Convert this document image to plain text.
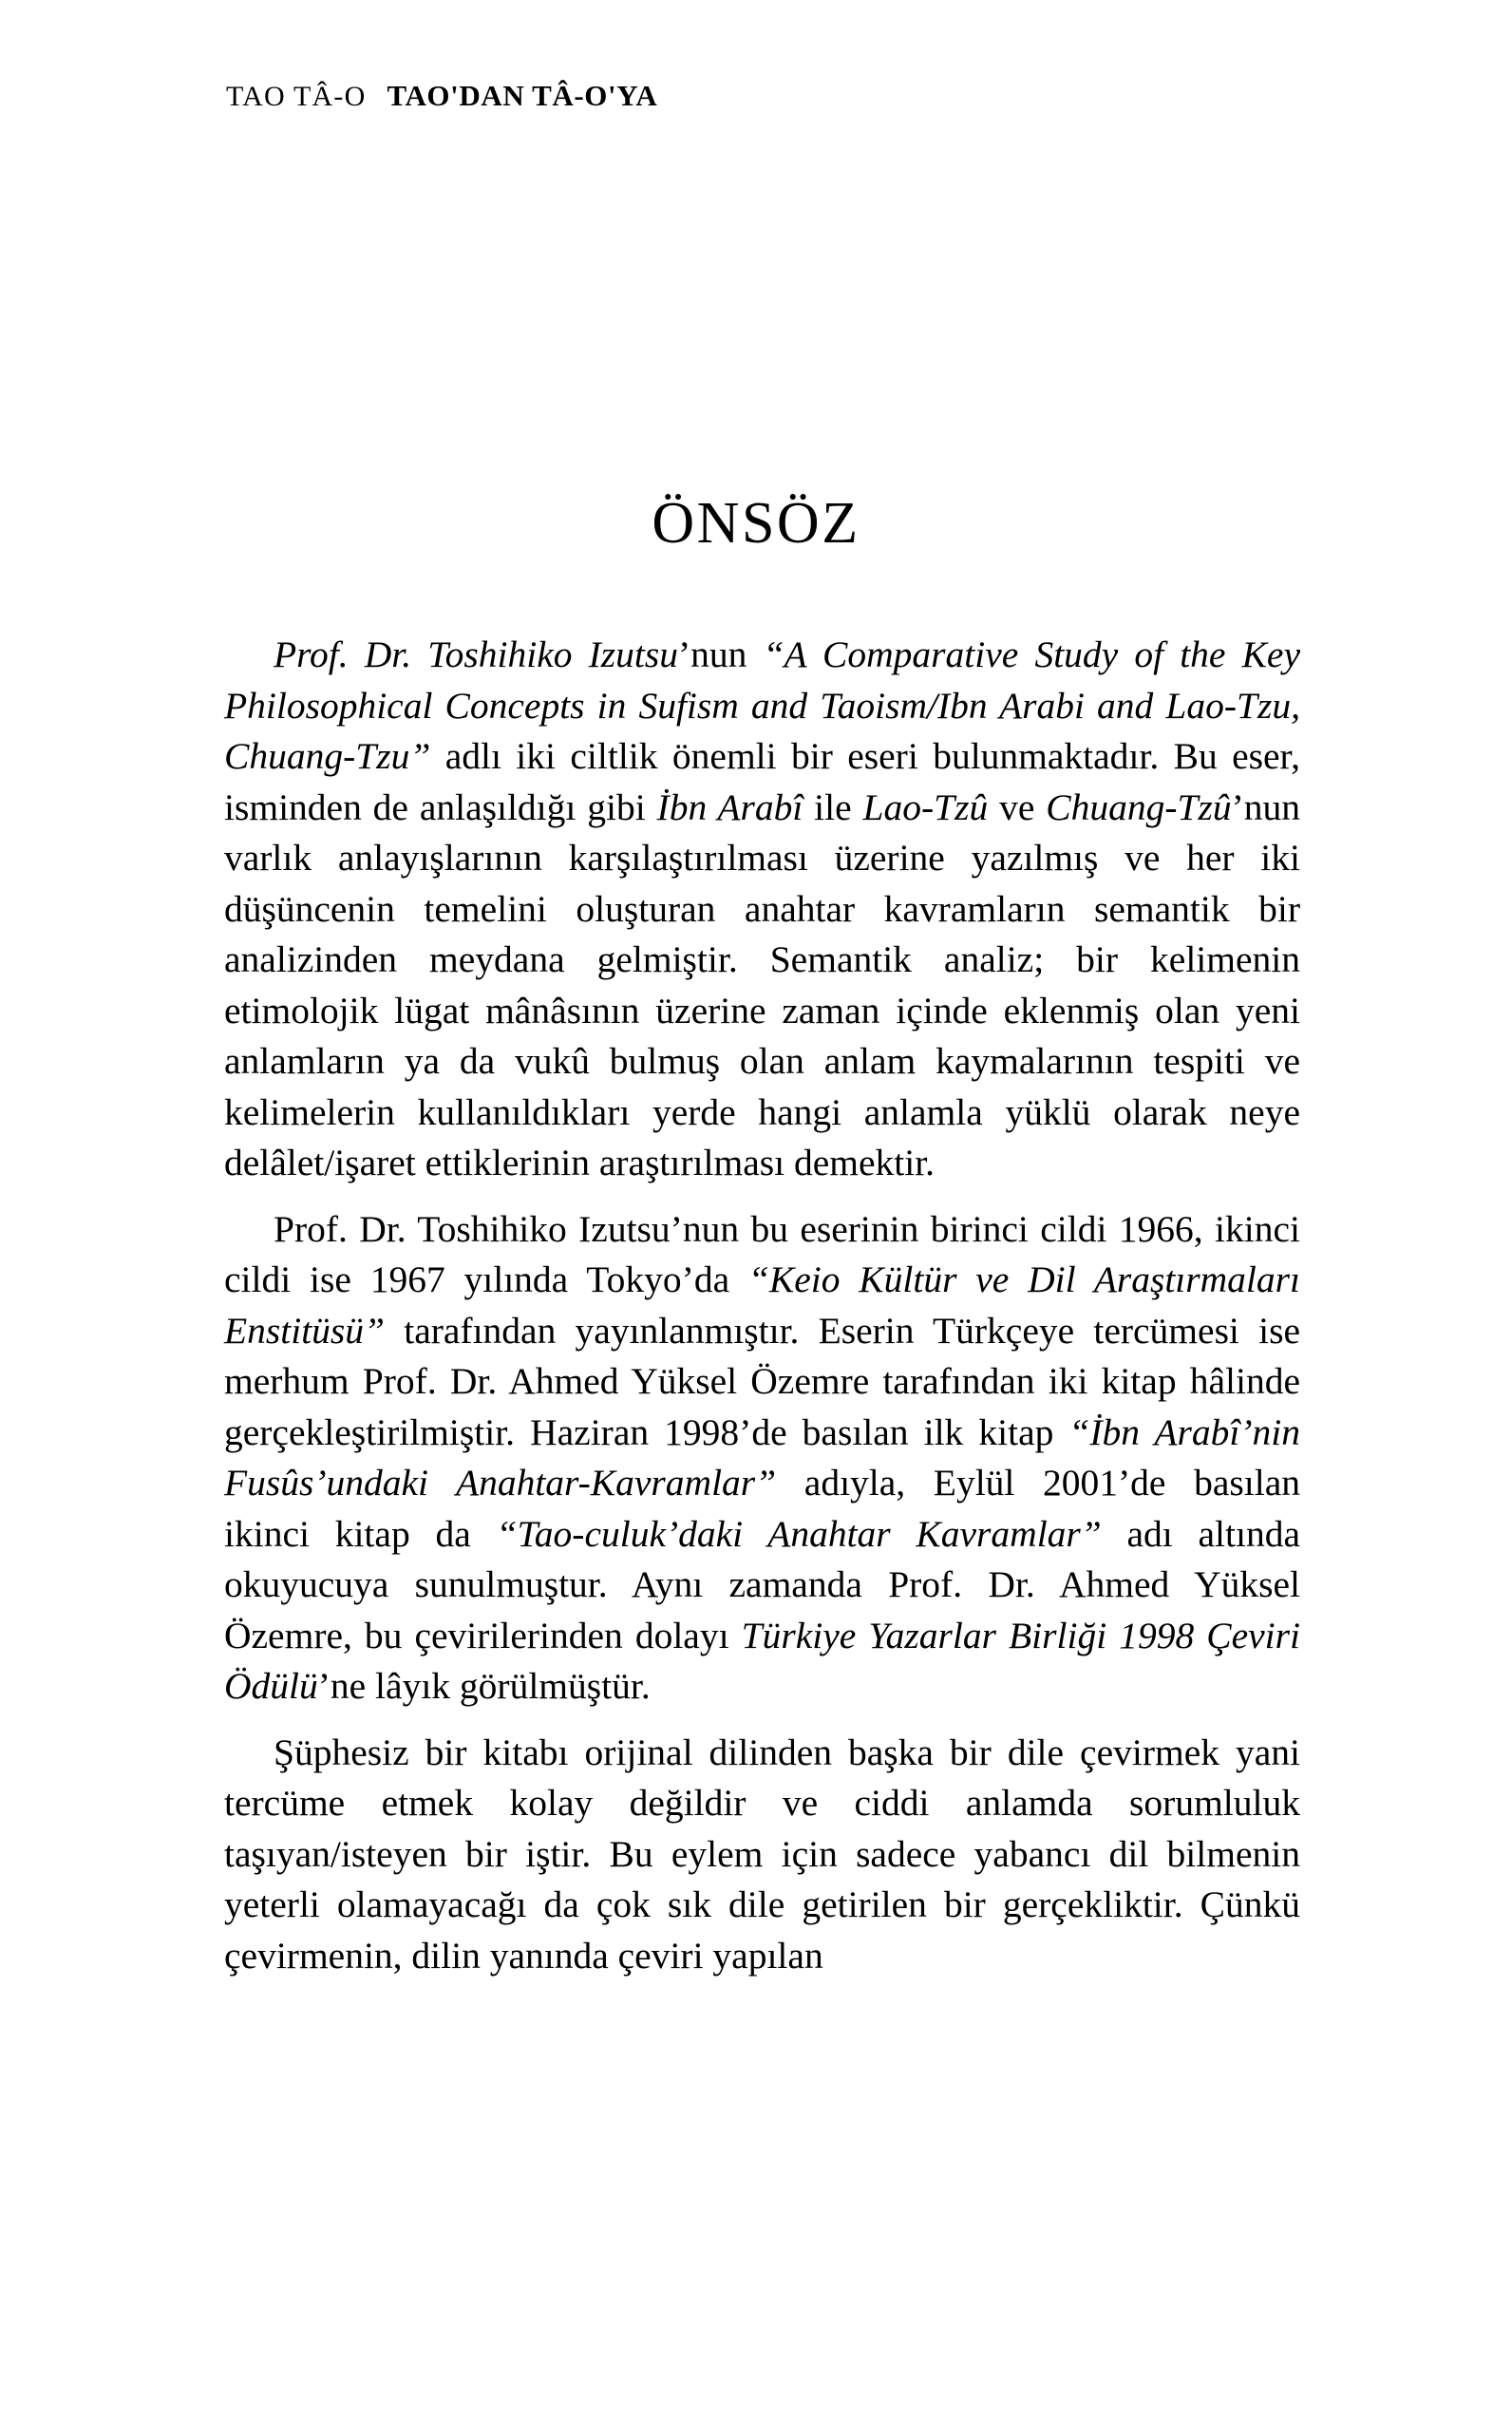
TAO TÂ-O TAO'DAN TÂ-O'YA
ÖNSÖZ

Prof. Dr. Toshihiko Izutsu’nun “A Comparative Study of the Key Philosophical Concepts in Sufism and Taoism/Ibn Arabi and Lao-Tzu, Chuang-Tzu” adlı iki ciltlik önemli bir eseri bulunmaktadır. Bu eser, isminden de anlaşıldığı gibi İbn Arabî ile Lao-Tzû ve Chuang-Tzû’nun varlık anlayışlarının karşılaştırılması üzerine yazılmış ve her iki düşüncenin temelini oluşturan anahtar kavramların semantik bir analizinden meydana gelmiştir. Semantik analiz; bir kelimenin etimolojik lügat mânâsının üzerine zaman içinde eklenmiş olan yeni anlamların ya da vukû bulmuş olan anlam kaymalarının tespiti ve kelimelerin kullanıldıkları yerde hangi anlamla yüklü olarak neye delâlet/işaret ettiklerinin araştırılması demektir.

Prof. Dr. Toshihiko Izutsu’nun bu eserinin birinci cildi 1966, ikinci cildi ise 1967 yılında Tokyo’da “Keio Kültür ve Dil Araştırmaları Enstitüsü” tarafından yayınlanmıştır. Eserin Türkçeye tercümesi ise merhum Prof. Dr. Ahmed Yüksel Özemre tarafından iki kitap hâlinde gerçekleştirilmiştir. Haziran 1998’de basılan ilk kitap “İbn Arabî’nin Fusûs’undaki Anahtar-Kavramlar” adıyla, Eylül 2001’de basılan ikinci kitap da “Tao-culuk’daki Anahtar Kavramlar” adı altında okuyucuya sunulmuştur. Aynı zamanda Prof. Dr. Ahmed Yüksel Özemre, bu çevirilerinden dolayı Türkiye Yazarlar Birliği 1998 Çeviri Ödülü’ne lâyık görülmüştür.

Şüphesiz bir kitabı orijinal dilinden başka bir dile çevirmek yani tercüme etmek kolay değildir ve ciddi anlamda sorumluluk taşıyan/isteyen bir iştir. Bu eylem için sadece yabancı dil bilmenin yeterli olamayacağı da çok sık dile getirilen bir gerçekliktir. Çünkü çevirmenin, dilin yanında çeviri yapılan
